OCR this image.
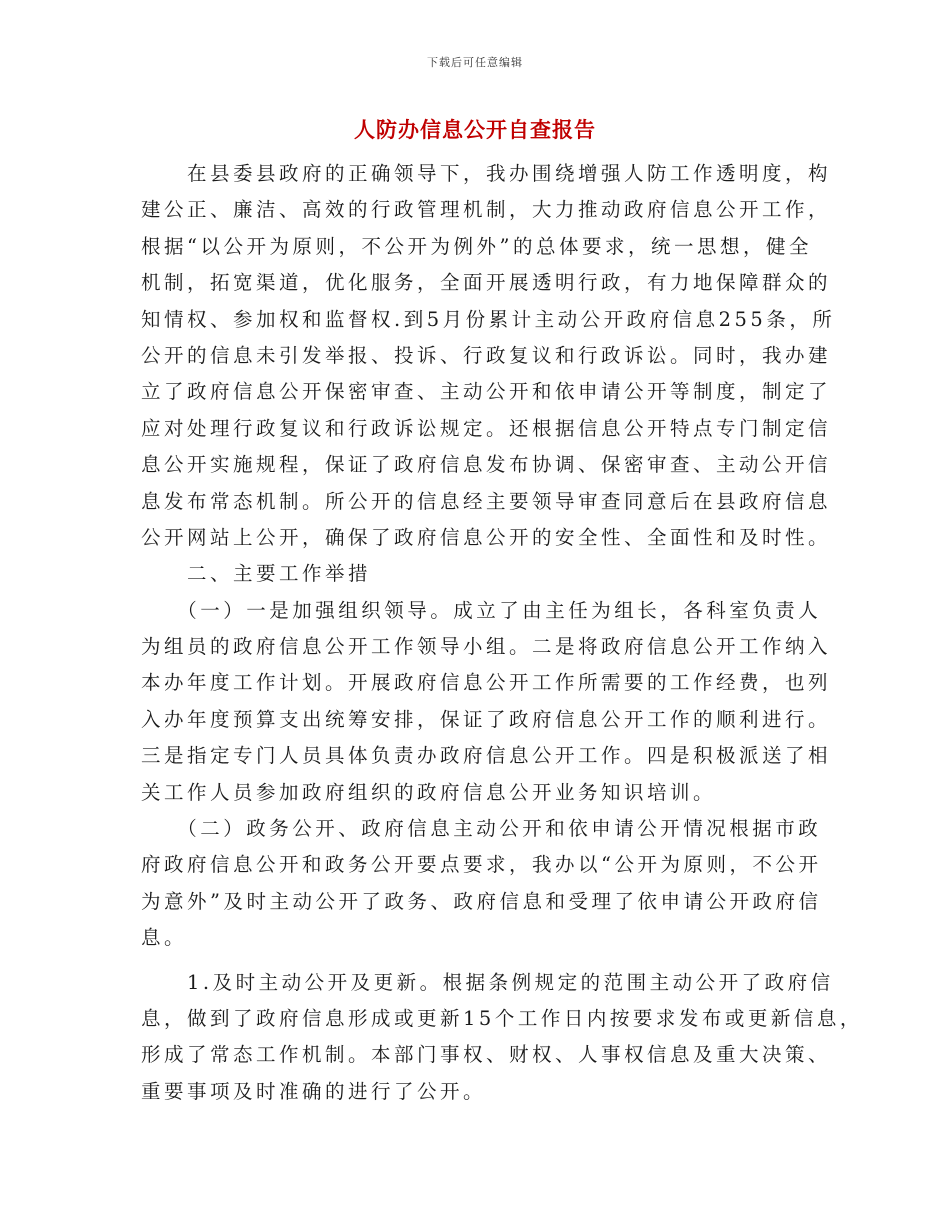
下载后可任意编辑
人防办信息公开自查报告
　　在县委县政府的正确领导下，我办围绕增强人防工作透明度，构
建公正、廉洁、高效的行政管理机制，大力推动政府信息公开工作，
根据“以公开为原则，不公开为例外”的总体要求，统一思想，健全
机制，拓宽渠道，优化服务，全面开展透明行政，有力地保障群众的
知情权、参加权和监督权.到5月份累计主动公开政府信息255条，所
公开的信息未引发举报、投诉、行政复议和行政诉讼。同时，我办建
立了政府信息公开保密审查、主动公开和依申请公开等制度，制定了
应对处理行政复议和行政诉讼规定。还根据信息公开特点专门制定信
息公开实施规程，保证了政府信息发布协调、保密审查、主动公开信
息发布常态机制。所公开的信息经主要领导审查同意后在县政府信息
公开网站上公开，确保了政府信息公开的安全性、全面性和及时性。
　　二、主要工作举措
　　（一）一是加强组织领导。成立了由主任为组长，各科室负责人
为组员的政府信息公开工作领导小组。二是将政府信息公开工作纳入
本办年度工作计划。开展政府信息公开工作所需要的工作经费，也列
入办年度预算支出统筹安排，保证了政府信息公开工作的顺利进行。
三是指定专门人员具体负责办政府信息公开工作。四是积极派送了相
关工作人员参加政府组织的政府信息公开业务知识培训。
　　（二）政务公开、政府信息主动公开和依申请公开情况根据市政
府政府信息公开和政务公开要点要求，我办以“公开为原则，不公开
为意外”及时主动公开了政务、政府信息和受理了依申请公开政府信
息。
　　1.及时主动公开及更新。根据条例规定的范围主动公开了政府信
息，做到了政府信息形成或更新15个工作日内按要求发布或更新信息，
形成了常态工作机制。本部门事权、财权、人事权信息及重大决策、
重要事项及时准确的进行了公开。
